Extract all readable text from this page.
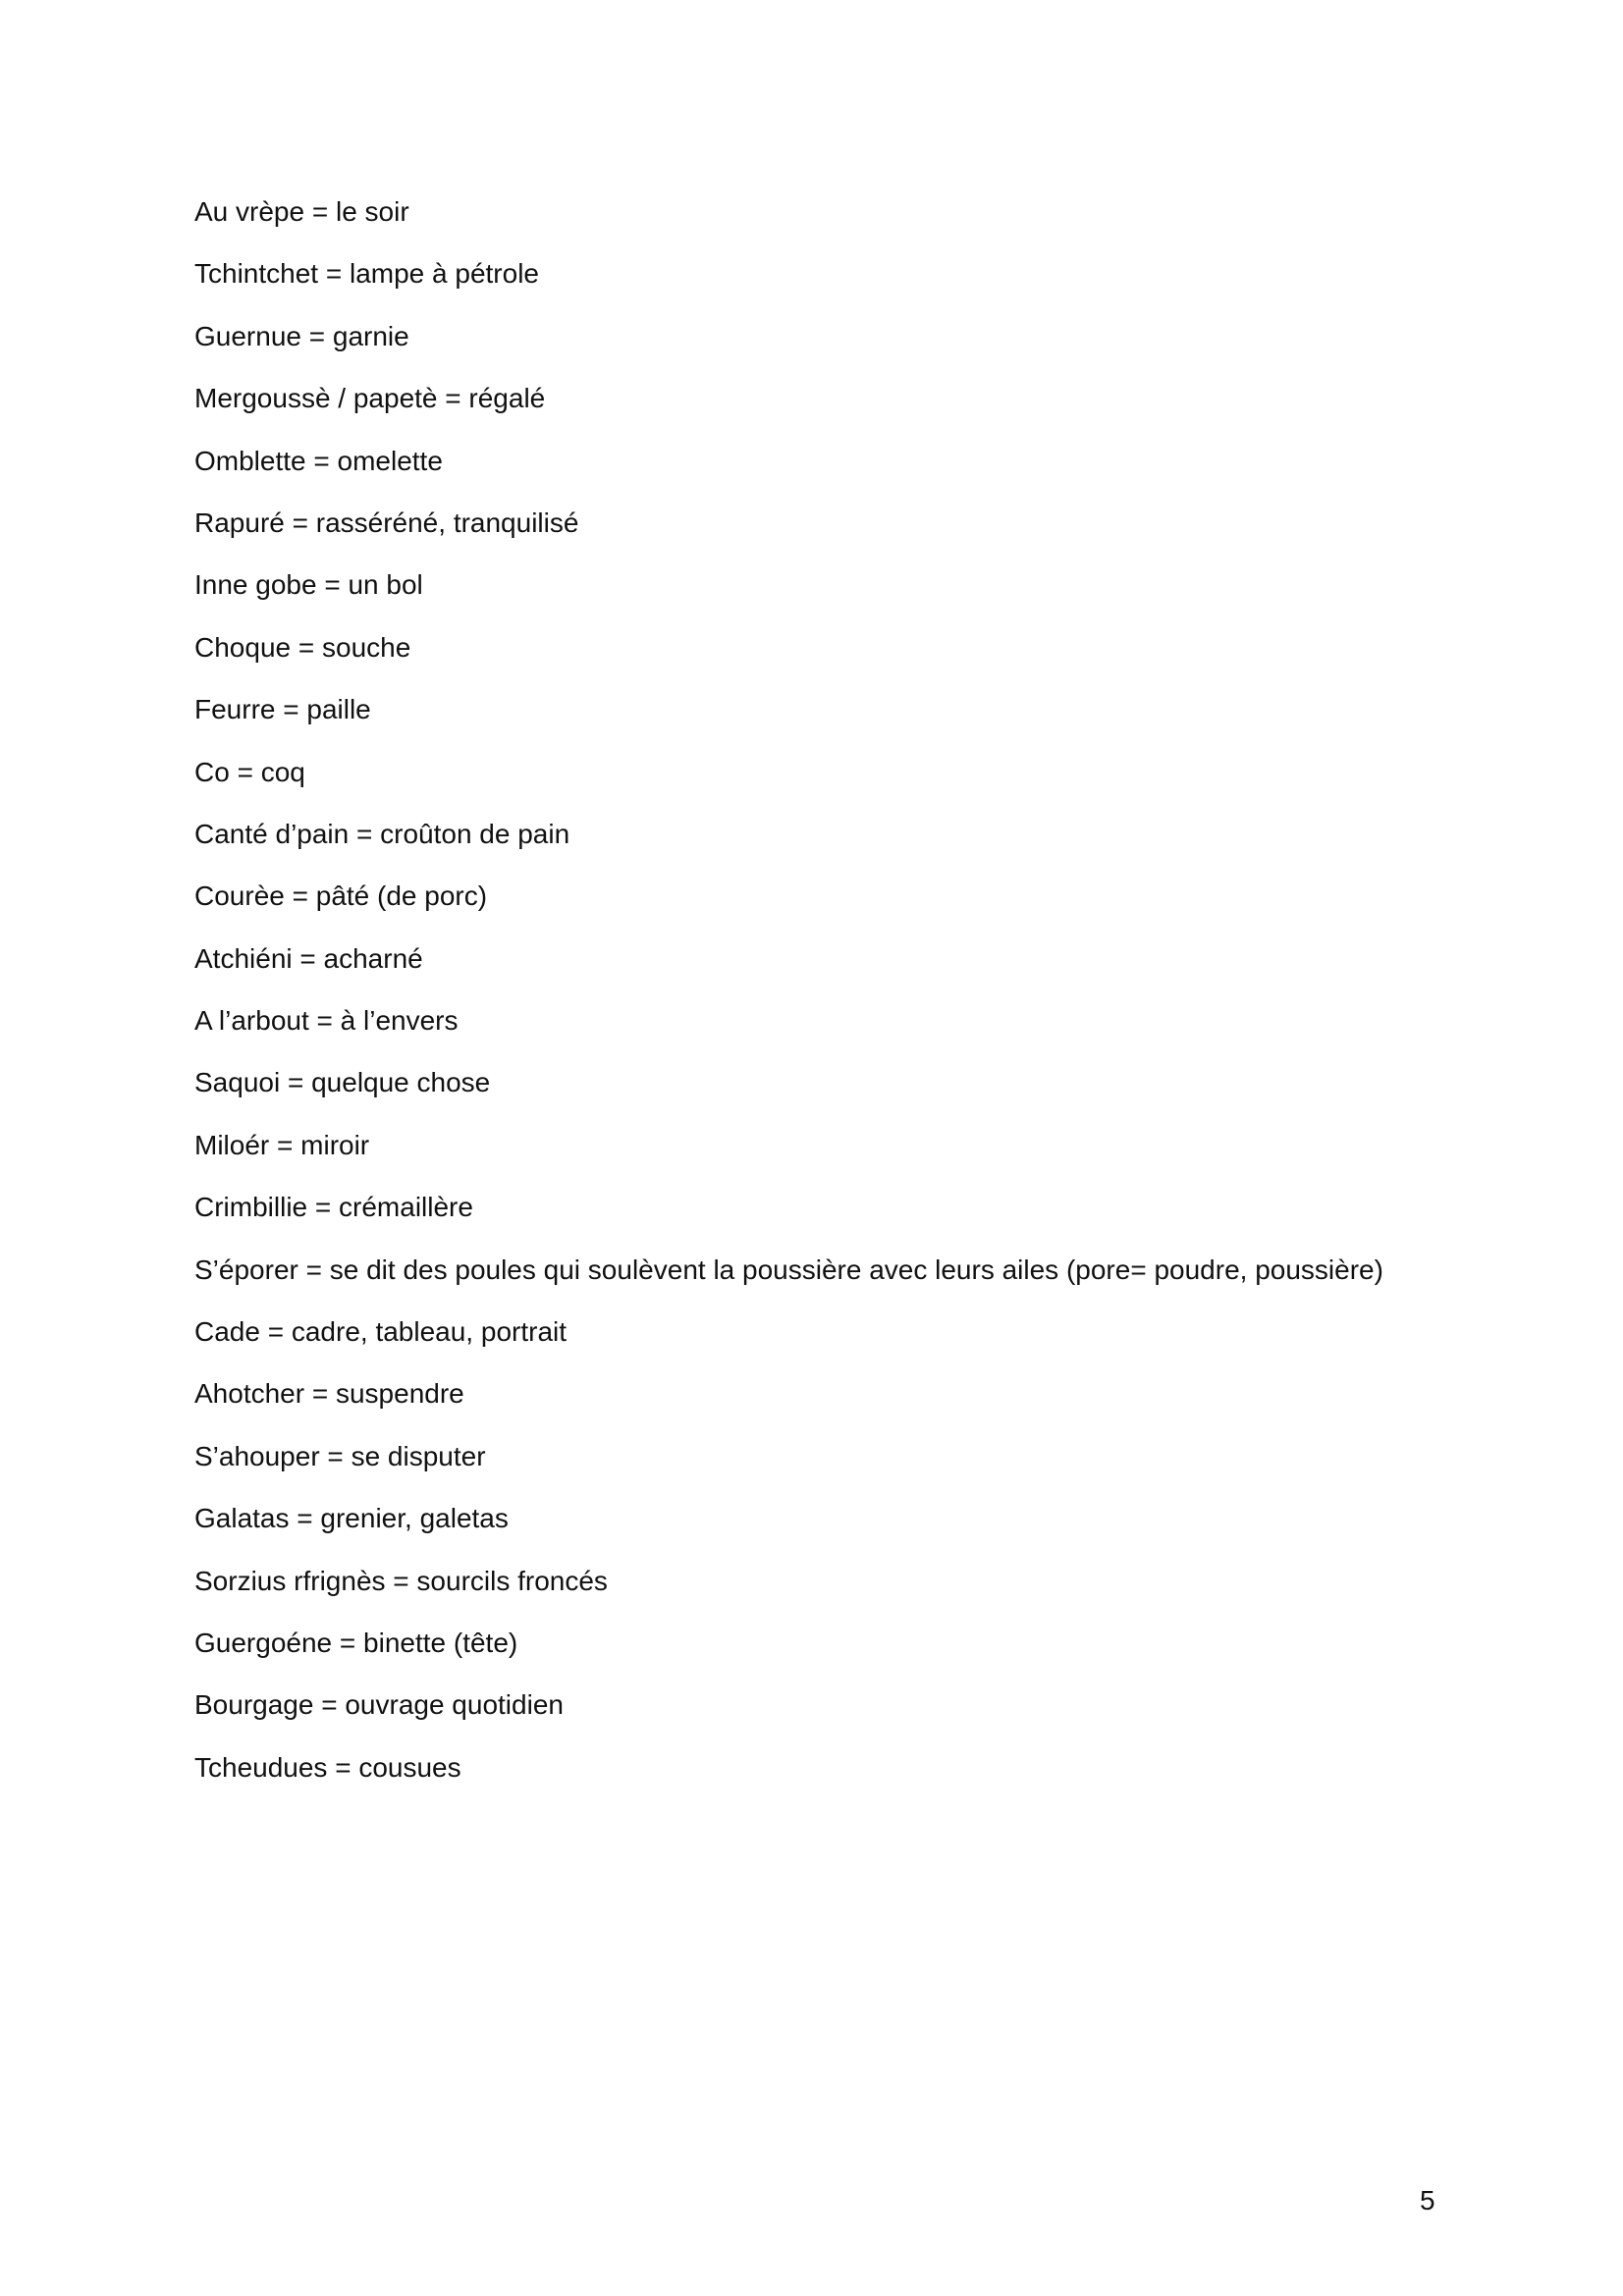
Au vrèpe = le soir
Tchintchet = lampe à pétrole
Guernue = garnie
Mergoussè / papetè = régalé
Omblette = omelette
Rapuré = rasséréné, tranquilisé
Inne gobe = un bol
Choque = souche
Feurre = paille
Co = coq
Canté d’pain = croûton de pain
Courèe = pâté (de porc)
Atchiéni = acharné
A l’arbout = à l’envers
Saquoi = quelque chose
Miloér = miroir
Crimbillie = crémaillère
S’éporer = se dit des poules qui soulèvent la poussière avec leurs ailes (pore= poudre, poussière)
Cade = cadre, tableau, portrait
Ahotcher = suspendre
S’ahouper = se disputer
Galatas = grenier, galetas
Sorzius rfrignès = sourcils froncés
Guergoéne = binette (tête)
Bourgage = ouvrage quotidien
Tcheudues = cousues
5
